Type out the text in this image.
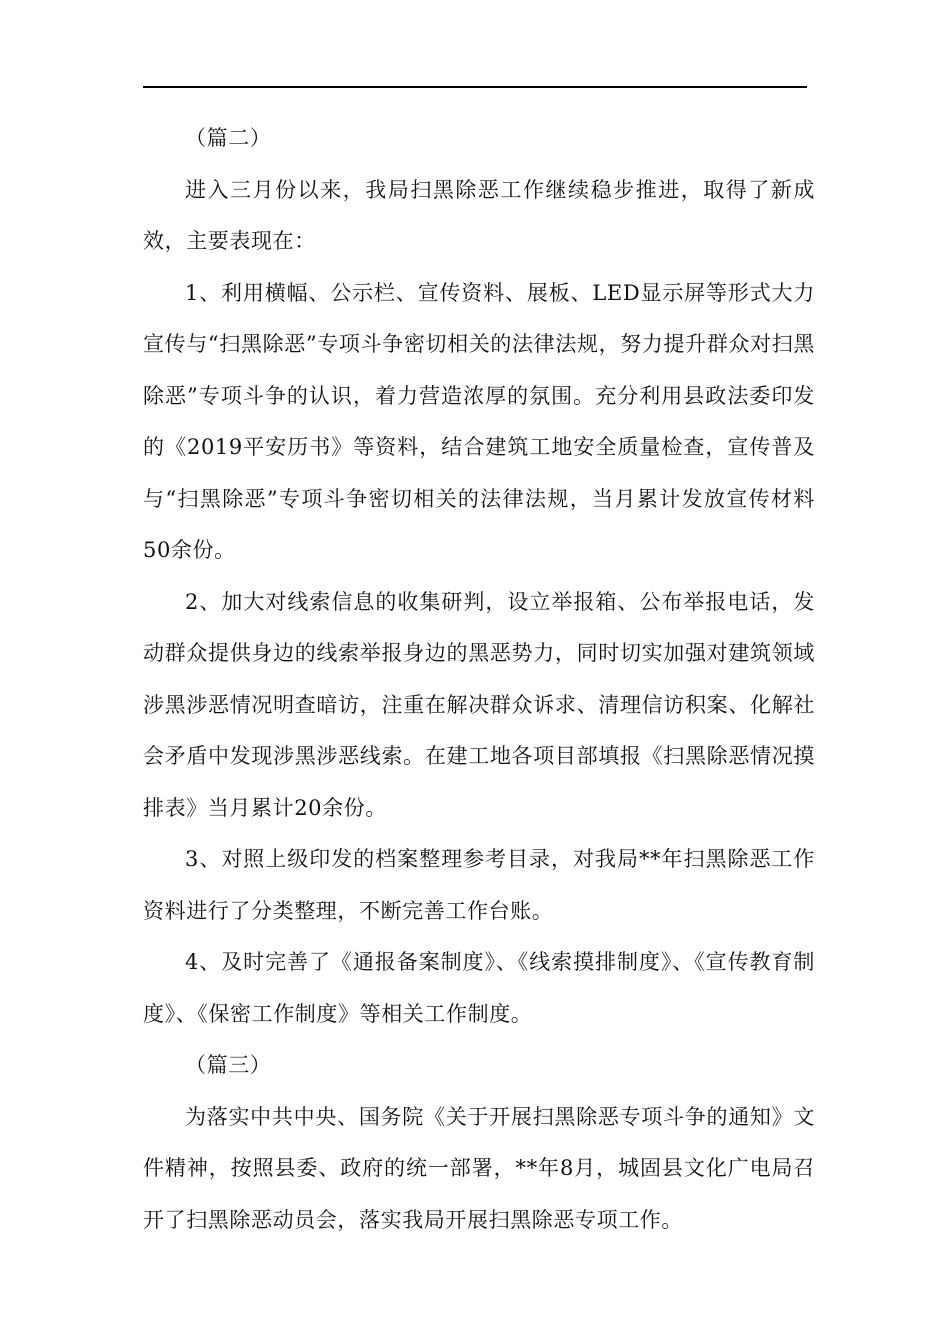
（篇二）

进入三月份以来，我局扫黑除恶工作继续稳步推进，取得了新成效，主要表现在：

1、利用横幅、公示栏、宣传资料、展板、LED显示屏等形式大力宣传与“扫黑除恶”专项斗争密切相关的法律法规，努力提升群众对扫黑除恶”专项斗争的认识，着力营造浓厚的氛围。充分利用县政法委印发的《2019平安历书》等资料，结合建筑工地安全质量检查，宣传普及与“扫黑除恶”专项斗争密切相关的法律法规，当月累计发放宣传材料50余份。

2、加大对线索信息的收集研判，设立举报箱、公布举报电话，发动群众提供身边的线索举报身边的黑恶势力，同时切实加强对建筑领域涉黑涉恶情况明查暗访，注重在解决群众诉求、清理信访积案、化解社会矛盾中发现涉黑涉恶线索。在建工地各项目部填报《扫黑除恶情况摸排表》当月累计20余份。

3、对照上级印发的档案整理参考目录，对我局**年扫黑除恶工作资料进行了分类整理，不断完善工作台账。

4、及时完善了《通报备案制度》、《线索摸排制度》、《宣传教育制度》、《保密工作制度》等相关工作制度。

（篇三）

为落实中共中央、国务院《关于开展扫黑除恶专项斗争的通知》文件精神，按照县委、政府的统一部署，**年8月，城固县文化广电局召开了扫黑除恶动员会，落实我局开展扫黑除恶专项工作。
